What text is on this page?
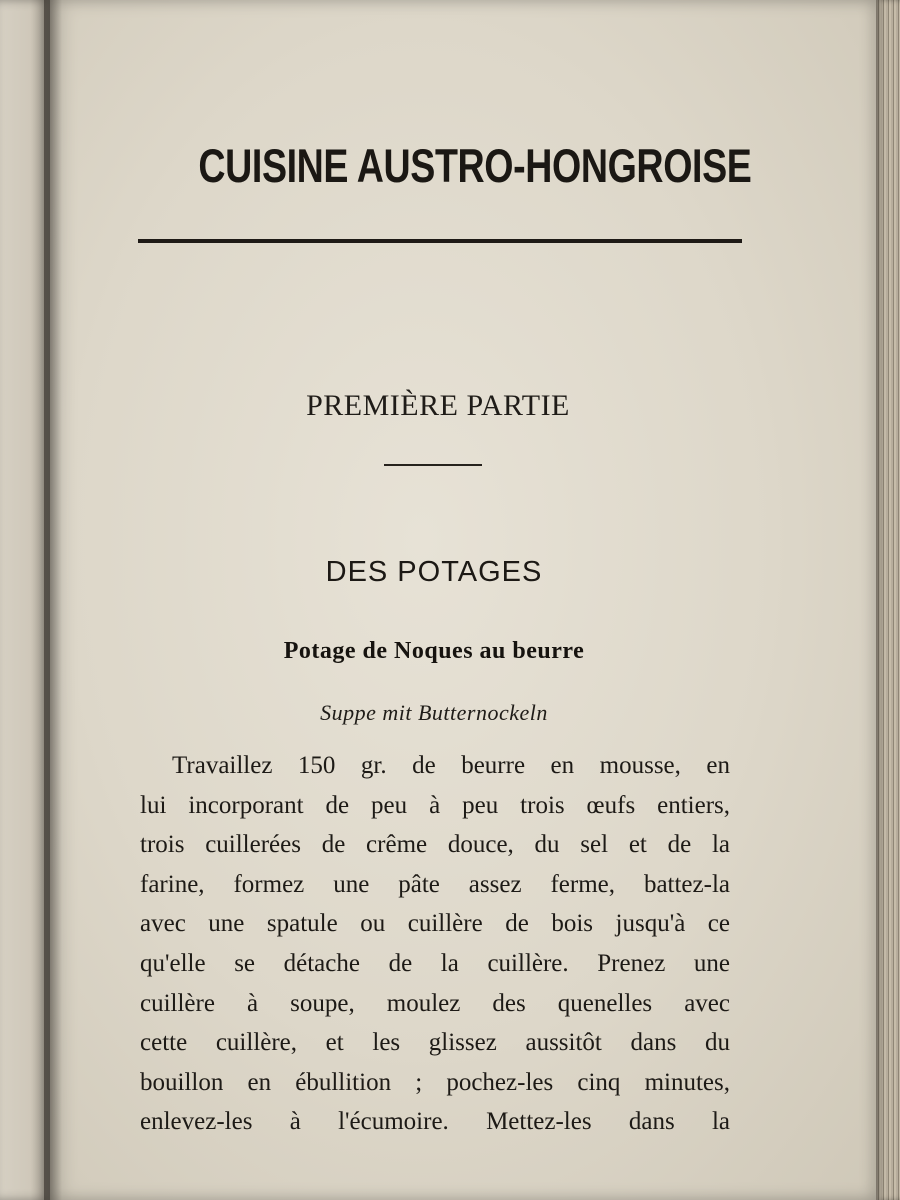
CUISINE AUSTRO-HONGROISE
PREMIÈRE PARTIE
DES POTAGES
Potage de Noques au beurre

Suppe mit Butternockeln

Travaillez 150 gr. de beurre en mousse, en
lui incorporant de peu à peu trois œufs entiers,
trois cuillerées de crême douce, du sel et de la
farine, formez une pâte assez ferme, battez-la
avec une spatule ou cuillère de bois jusqu'à ce
qu'elle se détache de la cuillère. Prenez une
cuillère à soupe, moulez des quenelles avec
cette cuillère, et les glissez aussitôt dans du
bouillon en ébullition ; pochez-les cinq minutes,
enlevez-les à l'écumoire. Mettez-les dans la
